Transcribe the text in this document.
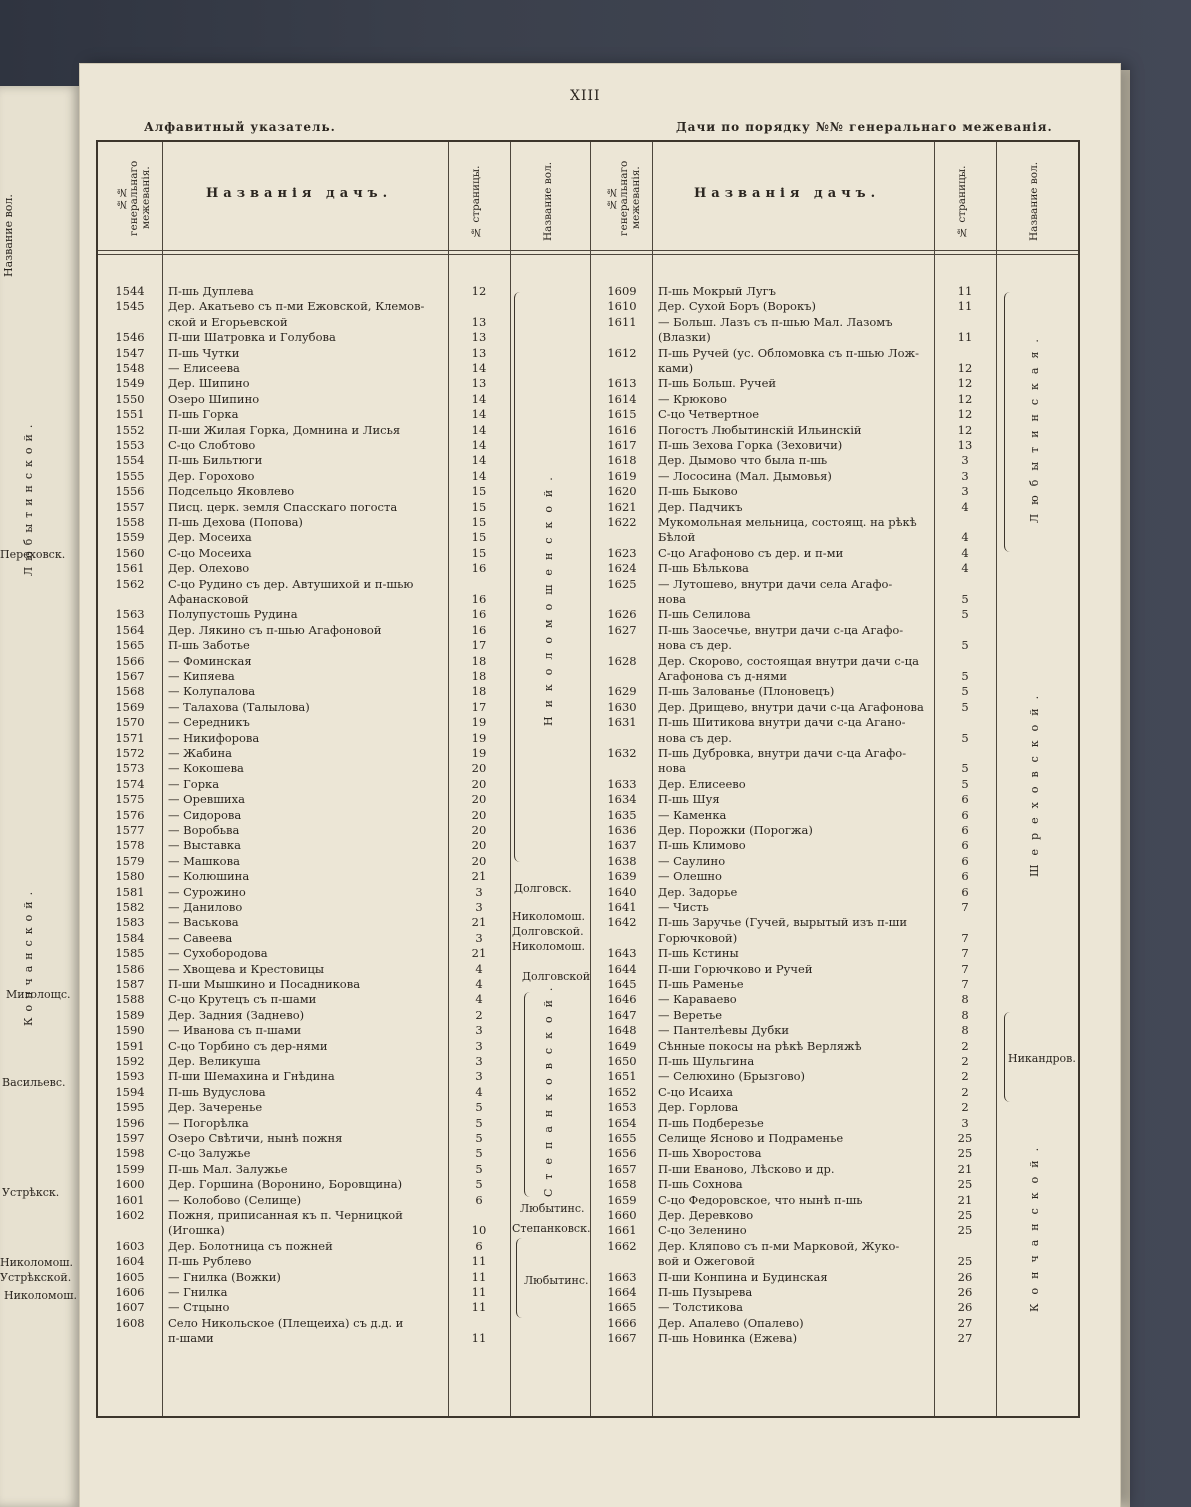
Название вол.
Любытинской.
Кончанской.
Переховск.
Миголощс.
Васильевс.
Устрѣкск.
Николомош.
Устрѣкской.
Николомош.
XIII
Алфавитный указатель.	Дачи по порядку №№ генеральнаго межеванія.
№№ генеральнаго межеванія.	Названія дачъ.	№ страницы.	Название вол.	№№ генеральнаго межеванія.	Названія дачъ.	№ страницы.	Название вол.
1544	П-шь Дуплева	12
1545	Дер. Акатьево съ п-ми Ежовской, Клемов-
ской и Егорьевской	13
1546	П-ши Шатровка и Голубова	13
1547	П-шь Чутки	13
1548	— Елисеева	14
1549	Дер. Шипино	13
1550	Озеро Шипино	14
1551	П-шь Горка	14
1552	П-ши Жилая Горка, Домнина и Лисья	14
1553	С-цо Слобтово	14
1554	П-шь Бильтюги	14
1555	Дер. Горохово	14
1556	Подсельцо Яковлево	15
1557	Писц. церк. земля Спасскаго погоста	15
1558	П-шь Дехова (Попова)	15
1559	Дер. Мосеиха	15
1560	С-цо Мосеиха	15
1561	Дер. Олехово	16
1562	С-цо Рудино съ дер. Автушихой и п-шью
Афанасковой	16
1563	Полупустошь Рудина	16
1564	Дер. Лякино съ п-шью Агафоновой	16
1565	П-шь Заботье	17
1566	— Фоминская	18
1567	— Кипяева	18
1568	— Колупалова	18
1569	— Талахова (Талылова)	17
1570	— Середникъ	19
1571	— Никифорова	19
1572	— Жабина	19
1573	— Кокошева	20
1574	— Горка	20
1575	— Оревшиха	20
1576	— Сидорова	20
1577	— Воробьва	20
1578	— Выставка	20
1579	— Машкова	20
1580	— Колюшина	21
1581	— Сурожино	3
1582	— Данилово	3
1583	— Васькова	21
1584	— Савеева	3
1585	— Сухобородова	21
1586	— Хвощева и Крестовицы	4
1587	П-ши Мышкино и Посадникова	4
1588	С-цо Крутецъ съ п-шами	4
1589	Дер. Задния (Заднево)	2
1590	— Иванова съ п-шами	3
1591	С-цо Торбино съ дер-нями	3
1592	Дер. Великуша	3
1593	П-ши Шемахина и Гнѣдина	3
1594	П-шь Вудуслова	4
1595	Дер. Зачеренье	5
1596	— Погорѣлка	5
1597	Озеро Свѣтичи, нынѣ пожня	5
1598	С-цо Залужье	5
1599	П-шь Мал. Залужье	5
1600	Дер. Горшина (Воронино, Боровщина)	5
1601	— Колобово (Селище)	6
1602	Пожня, приписанная къ п. Черницкой
(Игошка)	10
1603	Дер. Болотница съ пожней	6
1604	П-шь Рублево	11
1605	— Гнилка (Вожки)	11
1606	— Гнилка	11
1607	— Стцыно	11
1608	Село Никольское (Плещеиха) съ д.д. и
п-шами	11
1609	П-шь Мокрый Лугъ	11
1610	Дер. Сухой Боръ (Ворокъ)	11
1611	— Больш. Лазъ съ п-шью Мал. Лазомъ
(Влазки)	11
1612	П-шь Ручей (ус. Обломовка съ п-шью Лож-
ками)	12
1613	П-шь Больш. Ручей	12
1614	— Крюково	12
1615	С-цо Четвертное	12
1616	Погостъ Любытинскій Ильинскій	12
1617	П-шь Зехова Горка (Зеховичи)	13
1618	Дер. Дымово что была п-шь	3
1619	— Лососина (Мал. Дымовья)	3
1620	П-шь Быково	3
1621	Дер. Падчикъ	4
1622	Мукомольная мельница, состоящ. на рѣкѣ
Бѣлой	4
1623	С-цо Агафоново съ дер. и п-ми	4
1624	П-шь Бѣлькова	4
1625	— Лутошево, внутри дачи села Агафо-
нова	5
1626	П-шь Селилова	5
1627	П-шь Заосечье, внутри дачи с-ца Агафо-
нова съ дер.	5
1628	Дер. Скорово, состоящая внутри дачи с-ца
Агафонова съ д-нями	5
1629	П-шь Залованье (Плоновецъ)	5
1630	Дер. Дрищево, внутри дачи с-ца Агафонова	5
1631	П-шь Шитикова внутри дачи с-ца Агано-
нова съ дер.	5
1632	П-шь Дубровка, внутри дачи с-ца Агафо-
нова	5
1633	Дер. Елисеево	5
1634	П-шь Шуя	6
1635	— Каменка	6
1636	Дер. Порожки (Порогжа)	6
1637	П-шь Климово	6
1638	— Саулино	6
1639	— Олешно	6
1640	Дер. Задорье	6
1641	— Чисть	7
1642	П-шь Заручье (Гучей, вырытый изъ п-ши
Горючковой)	7
1643	П-шь Кстины	7
1644	П-ши Горючково и Ручей	7
1645	П-шь Раменье	7
1646	— Караваево	8
1647	— Веретье	8
1648	— Пантелѣевы Дубки	8
1649	Сѣнные покосы на рѣкѣ Верляжѣ	2
1650	П-шь Шульгина	2
1651	— Селюхино (Брызгово)	2
1652	С-цо Исаиха	2
1653	Дер. Горлова	2
1654	П-шь Подберезье	3
1655	Селище Ясново и Подраменье	25
1656	П-шь Хворостова	25
1657	П-ши Еваново, Лѣсково и др.	21
1658	П-шь Сохнова	25
1659	С-цо Федоровское, что нынѣ п-шь	21
1660	Дер. Деревково	25
1661	С-цо Зеленино	25
1662	Дер. Кляпово съ п-ми Марковой, Жуко-
вой и Ожеговой	25
1663	П-ши Конпина и Будинская	26
1664	П-шь Пузырева	26
1665	— Толстикова	26
1666	Дер. Апалево (Опалево)	27
1667	П-шь Новинка (Ежева)	27
Николомошенской.
Долговск.
Николомош.
Долговской.
Николомош.
Долговской
Степанковской.
Любытинс.
Степанковск.
Любытинс.
Любытинская.
Шереховской.
Никандров.
Кончанской.
